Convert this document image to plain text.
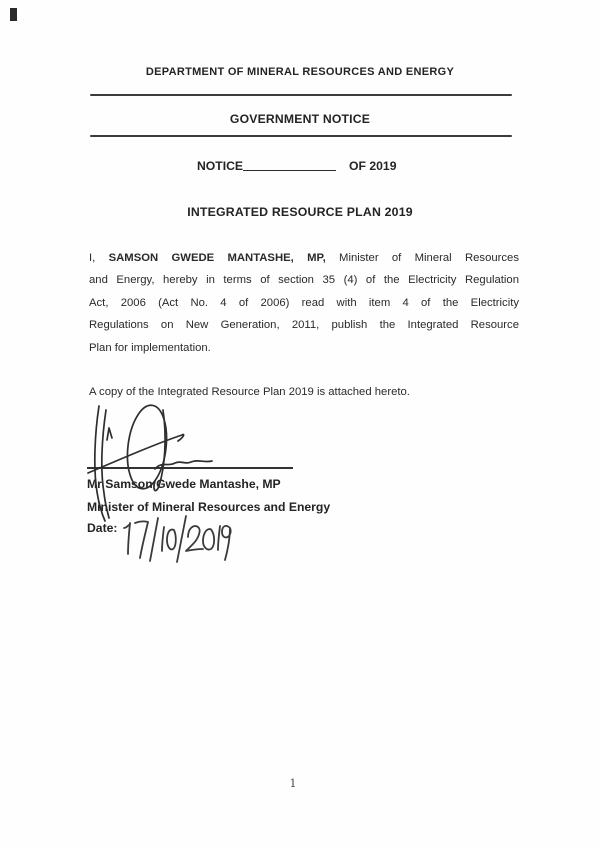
DEPARTMENT OF MINERAL RESOURCES AND ENERGY
GOVERNMENT NOTICE
NOTICE	OF 2019
INTEGRATED RESOURCE PLAN 2019
I, SAMSON GWEDE MANTASHE, MP, Minister of Mineral Resources
and Energy, hereby in terms of section 35 (4) of the Electricity Regulation
Act, 2006 (Act No. 4 of 2006) read with item 4 of the Electricity
Regulations on New Generation, 2011, publish the Integrated Resource
Plan for implementation.
A copy of the Integrated Resource Plan 2019 is attached hereto.
Mr Samson Gwede Mantashe, MP
Minister of Mineral Resources and Energy
Date:
1
